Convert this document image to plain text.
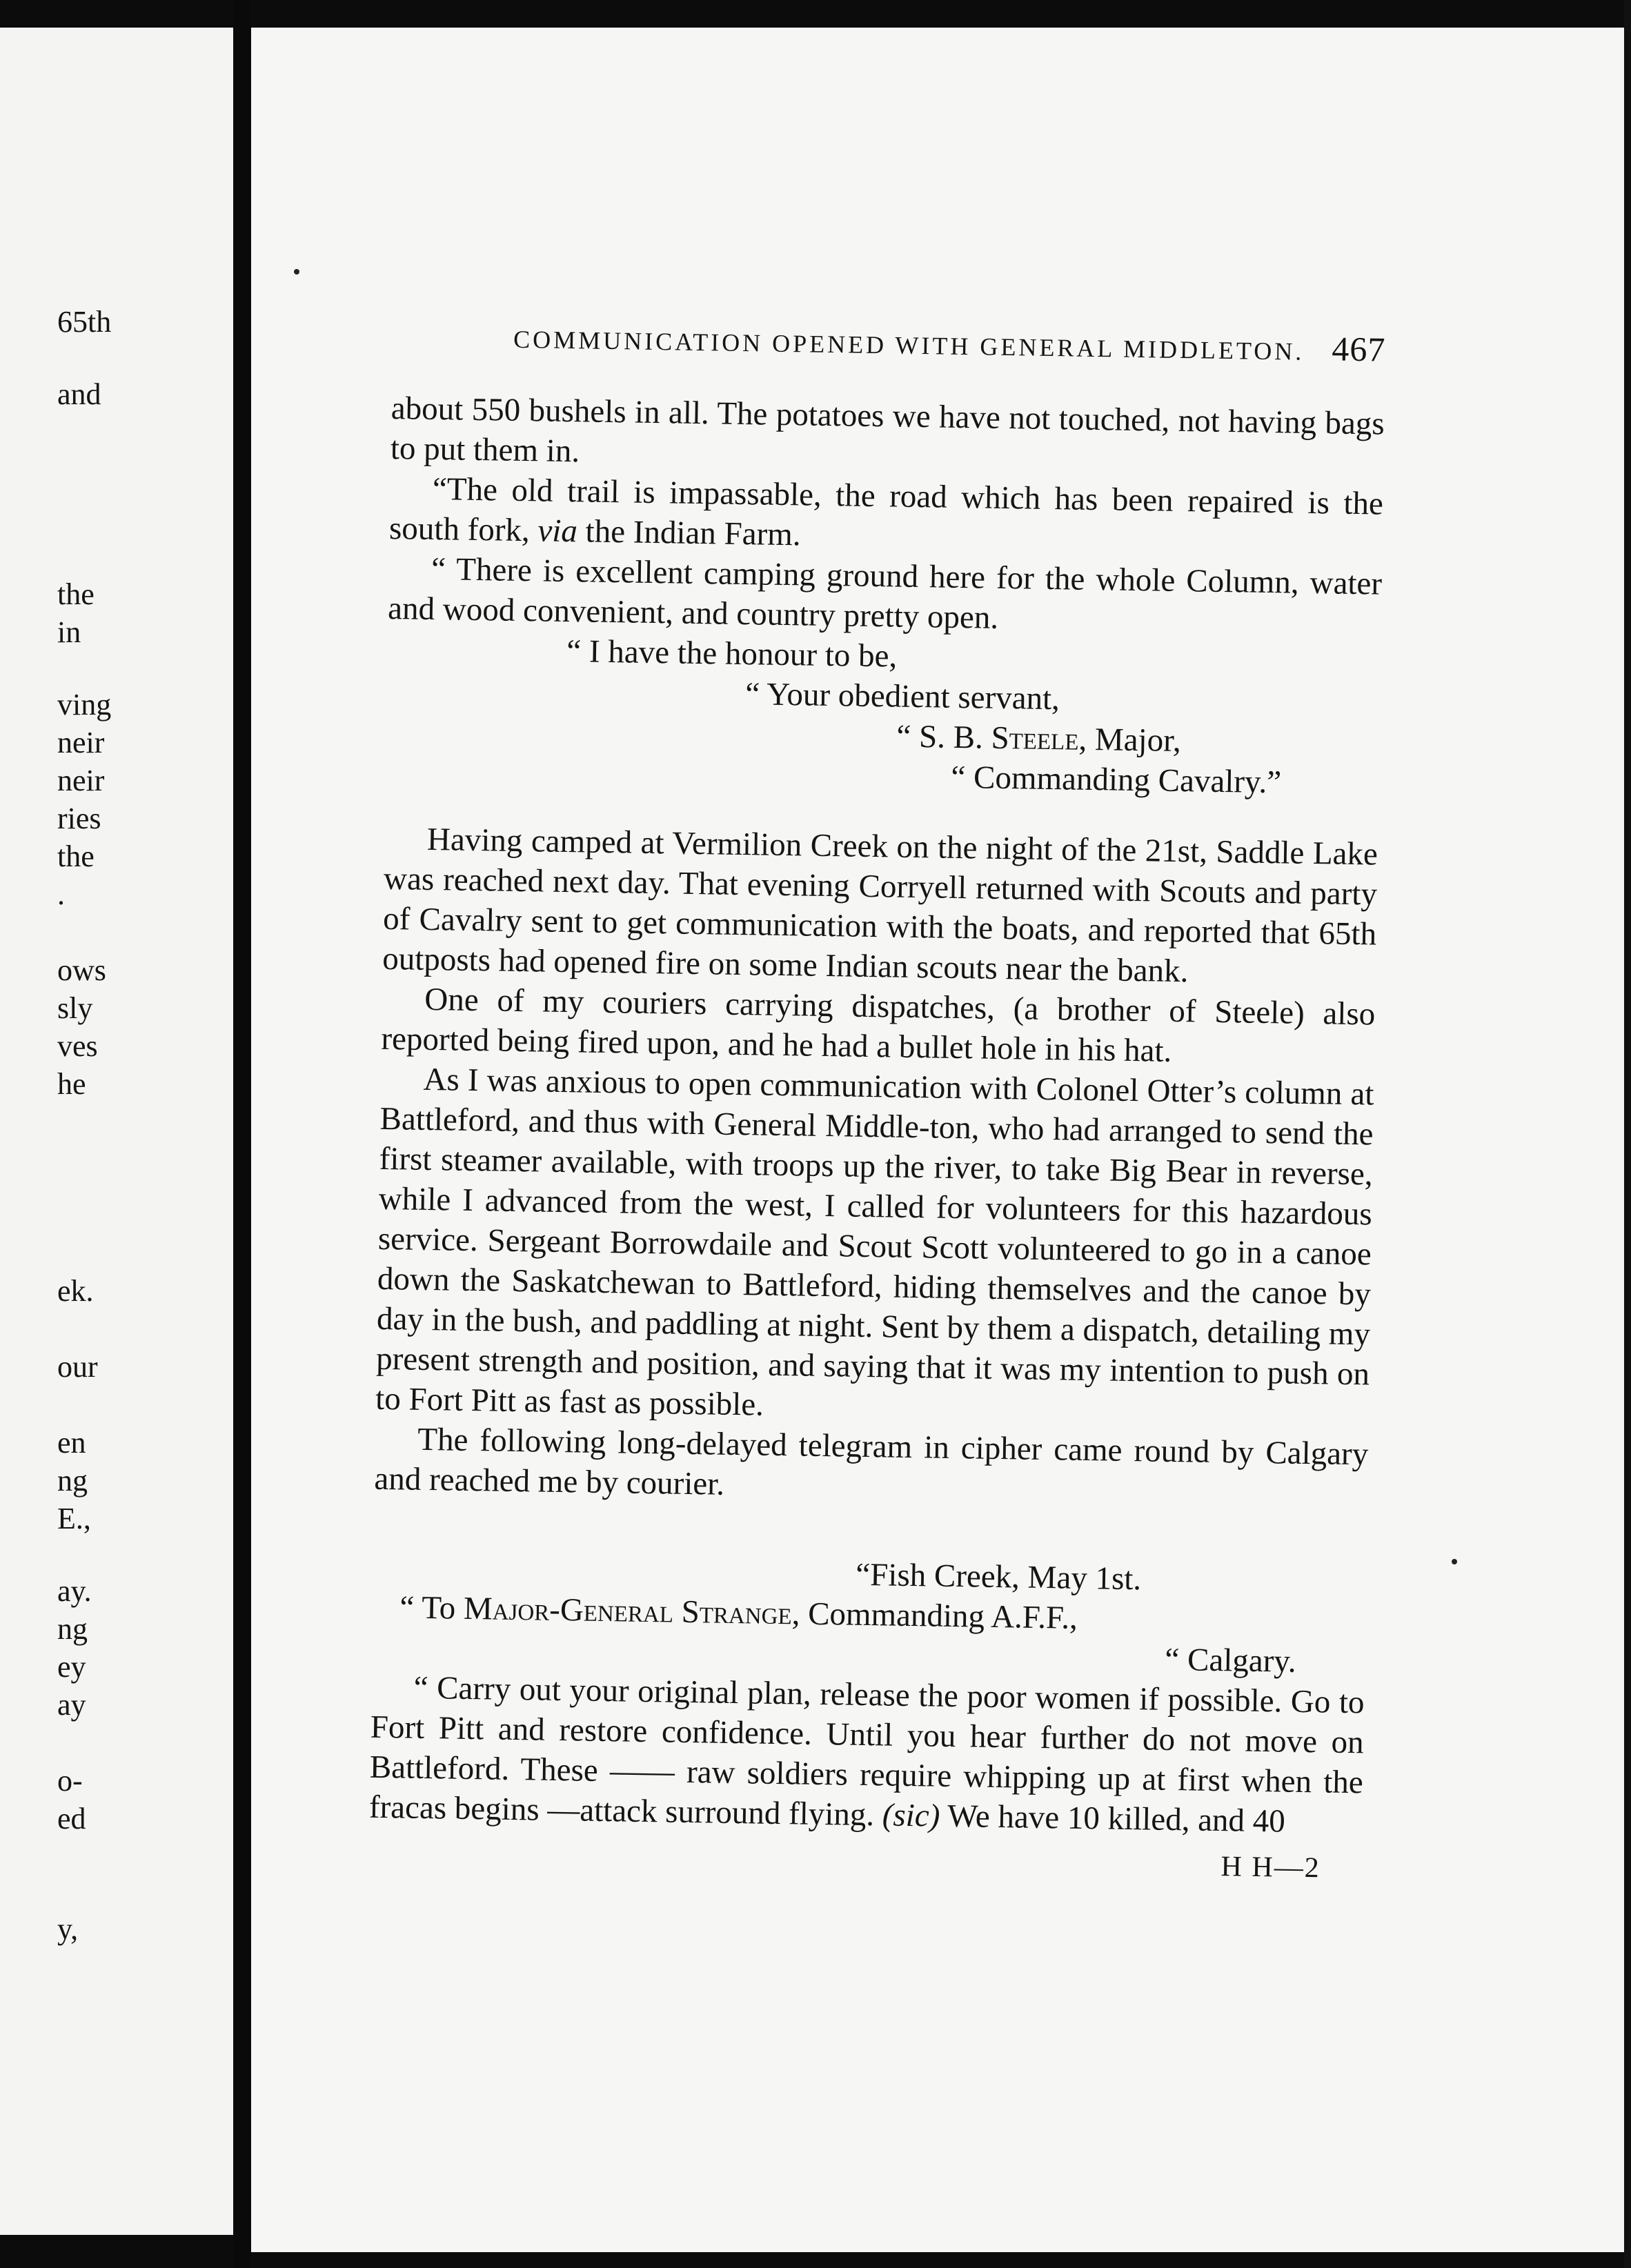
65th
and
the
in
ving
neir
neir
ries
the
.
ows
sly
ves
he
ek.
our
en
ng
E.,
ay.
ng
ey
ay
o-
ed
y,
COMMUNICATION OPENED WITH GENERAL MIDDLETON. 467

about 550 bushels in all. The potatoes we have not touched, not having bags to put them in.

“The old trail is impassable, the road which has been repaired is the south fork, via the Indian Farm.

“ There is excellent camping ground here for the whole Column, water and wood convenient, and country pretty open.

“ I have the honour to be,

“ Your obedient servant,

“ S. B. Steele, Major,

“ Commanding Cavalry.”

Having camped at Vermilion Creek on the night of the 21st, Saddle Lake was reached next day. That evening Corryell returned with Scouts and party of Cavalry sent to get communication with the boats, and reported that 65th outposts had opened fire on some Indian scouts near the bank.

One of my couriers carrying dispatches, (a brother of Steele) also reported being fired upon, and he had a bullet hole in his hat.

As I was anxious to open communication with Colonel Otter’s column at Battleford, and thus with General Middle-ton, who had arranged to send the first steamer available, with troops up the river, to take Big Bear in reverse, while I advanced from the west, I called for volunteers for this hazardous service. Sergeant Borrowdaile and Scout Scott volunteered to go in a canoe down the Saskatchewan to Battleford, hiding themselves and the canoe by day in the bush, and paddling at night. Sent by them a dispatch, detailing my present strength and position, and saying that it was my intention to push on to Fort Pitt as fast as possible.

The following long-delayed telegram in cipher came round by Calgary and reached me by courier.

“Fish Creek, May 1st.

“ To Major-General Strange, Commanding A.F.F.,

“ Calgary.

“ Carry out your original plan, release the poor women if possible. Go to Fort Pitt and restore confidence. Until you hear further do not move on Battleford. These —— raw soldiers require whipping up at first when the fracas begins —attack surround flying. (sic) We have 10 killed, and 40

H H—2
